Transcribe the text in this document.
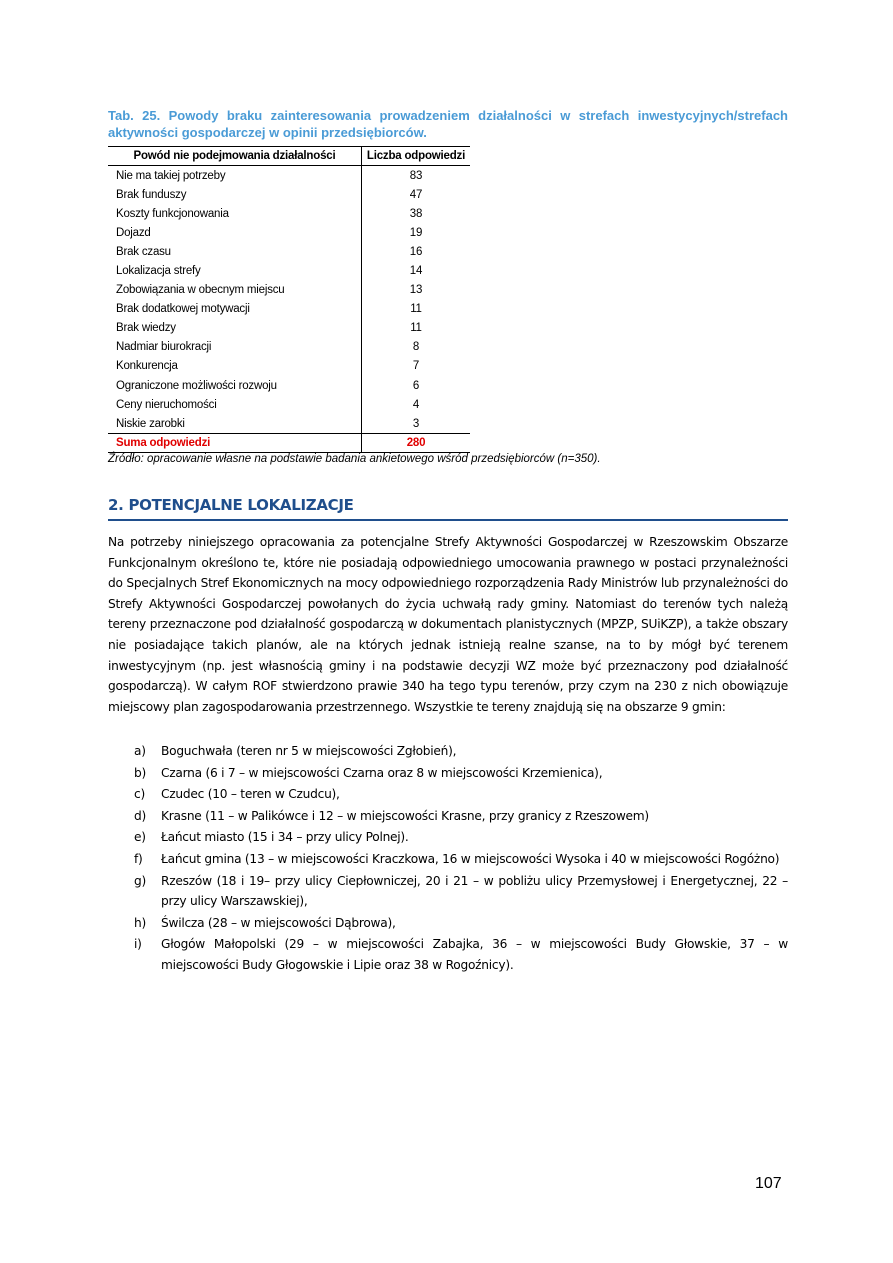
Tab. 25. Powody braku zainteresowania prowadzeniem działalności w strefach inwestycyjnych/strefach aktywności gospodarczej w opinii przedsiębiorców.
Powód nie podejmowania działalności	Liczba odpowiedzi
Nie ma takiej potrzeby	83
Brak funduszy	47
Koszty funkcjonowania	38
Dojazd	19
Brak czasu	16
Lokalizacja strefy	14
Zobowiązania w obecnym miejscu	13
Brak dodatkowej motywacji	11
Brak wiedzy	11
Nadmiar biurokracji	8
Konkurencja	7
Ograniczone możliwości rozwoju	6
Ceny nieruchomości	4
Niskie zarobki	3
Suma odpowiedzi	280
Źródło: opracowanie własne na podstawie badania ankietowego wśród przedsiębiorców (n=350).
2. POTENCJALNE LOKALIZACJE

Na potrzeby niniejszego opracowania za potencjalne Strefy Aktywności Gospodarczej w Rzeszowskim Obszarze Funkcjonalnym określono te, które nie posiadają odpowiedniego umocowania prawnego w postaci przynależności do Specjalnych Stref Ekonomicznych na mocy odpowiedniego rozporządzenia Rady Ministrów lub przynależności do Strefy Aktywności Gospodarczej powołanych do życia uchwałą rady gminy. Natomiast do terenów tych należą tereny przeznaczone pod działalność gospodarczą w dokumentach planistycznych (MPZP, SUiKZP), a także obszary nie posiadające takich planów, ale na których jednak istnieją realne szanse, na to by mógł być terenem inwestycyjnym (np. jest własnością gminy i na podstawie decyzji WZ może być przeznaczony pod działalność gospodarczą). W całym ROF stwierdzono prawie 340 ha tego typu terenów, przy czym na 230 z nich obowiązuje miejscowy plan zagospodarowania przestrzennego. Wszystkie te tereny znajdują się na obszarze 9 gmin:

a) Boguchwała (teren nr 5 w miejscowości Zgłobień),
b) Czarna (6 i 7 – w miejscowości Czarna oraz 8 w miejscowości Krzemienica),
c) Czudec (10 – teren w Czudcu),
d) Krasne (11 – w Palikówce i 12 – w miejscowości Krasne, przy granicy z Rzeszowem)
e) Łańcut miasto (15 i 34 – przy ulicy Polnej).
f) Łańcut gmina (13 – w miejscowości Kraczkowa, 16 w miejscowości Wysoka i 40 w miejscowości Rogóżno)
g) Rzeszów (18 i 19– przy ulicy Ciepłowniczej, 20 i 21 – w pobliżu ulicy Przemysłowej i Energetycznej, 22 – przy ulicy Warszawskiej),
h) Świlcza (28 – w miejscowości Dąbrowa),
i) Głogów Małopolski (29 – w miejscowości Zabajka, 36 – w miejscowości Budy Głowskie, 37 – w miejscowości Budy Głogowskie i Lipie oraz 38 w Rogoźnicy).
107
